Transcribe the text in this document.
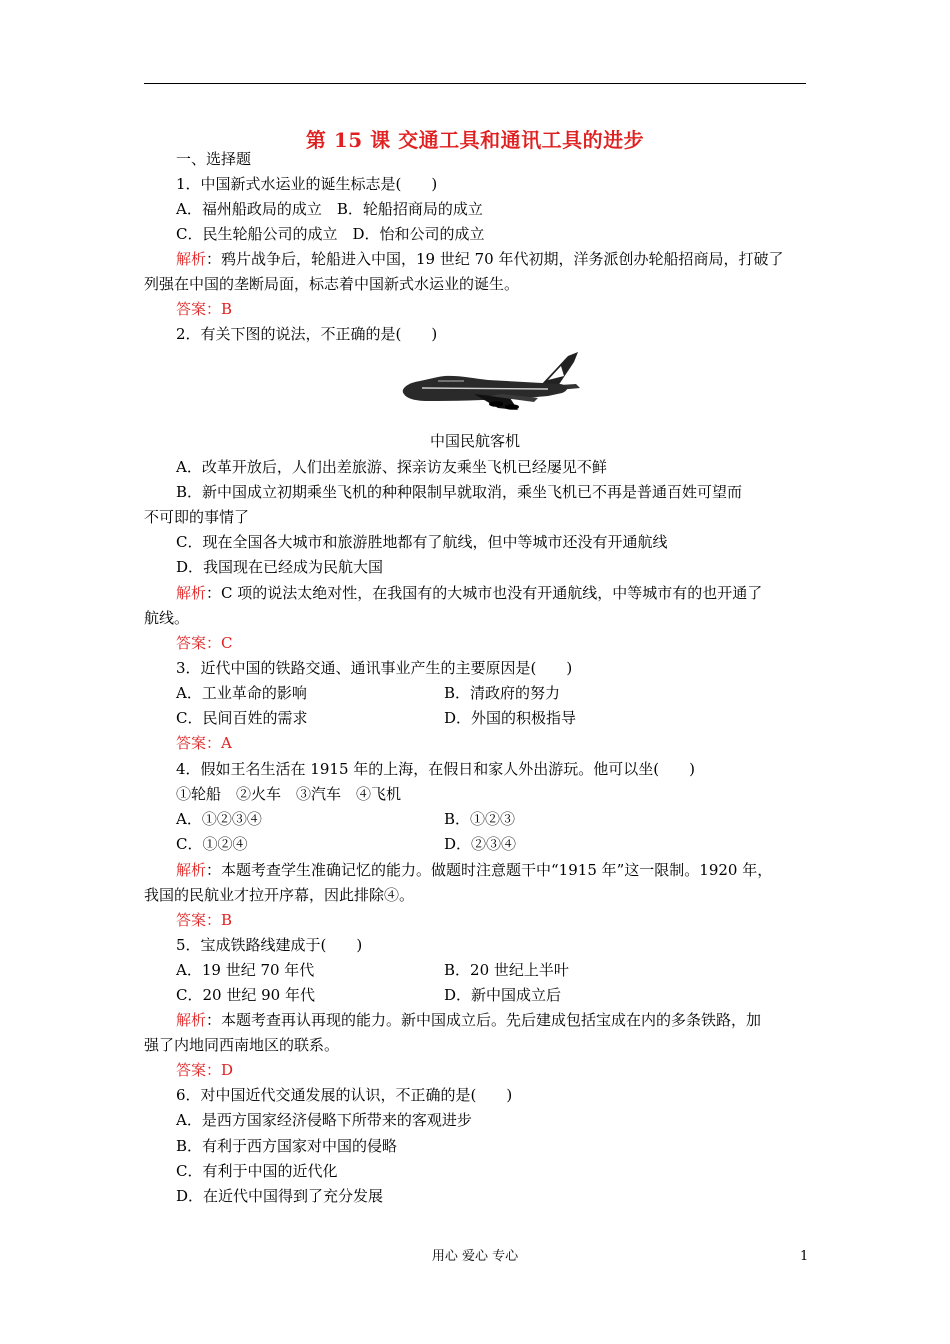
第 15 课 交通工具和通讯工具的进步
一、选择题
1．中国新式水运业的诞生标志是(　　)
A．福州船政局的成立　B．轮船招商局的成立
C．民生轮船公司的成立　D．怡和公司的成立
解析：鸦片战争后，轮船进入中国，19 世纪 70 年代初期，洋务派创办轮船招商局，打破了
列强在中国的垄断局面，标志着中国新式水运业的诞生。
答案：B
2．有关下图的说法，不正确的是(　　)
中国民航客机
A．改革开放后，人们出差旅游、探亲访友乘坐飞机已经屡见不鲜
B．新中国成立初期乘坐飞机的种种限制早就取消，乘坐飞机已不再是普通百姓可望而
不可即的事情了
C．现在全国各大城市和旅游胜地都有了航线，但中等城市还没有开通航线
D．我国现在已经成为民航大国
解析：C 项的说法太绝对性，在我国有的大城市也没有开通航线，中等城市有的也开通了
航线。
答案：C
3．近代中国的铁路交通、通讯事业产生的主要原因是(　　)
A．工业革命的影响	B．清政府的努力
C．民间百姓的需求	D．外国的积极指导
答案：A
4．假如王名生活在 1915 年的上海，在假日和家人外出游玩。他可以坐(　　)
①轮船　②火车　③汽车　④飞机
A．①②③④	B．①②③
C．①②④	D．②③④
解析：本题考查学生准确记忆的能力。做题时注意题干中“1915 年”这一限制。1920 年，
我国的民航业才拉开序幕，因此排除④。
答案：B
5．宝成铁路线建成于(　　)
A．19 世纪 70 年代	B．20 世纪上半叶
C．20 世纪 90 年代	D．新中国成立后
解析：本题考查再认再现的能力。新中国成立后。先后建成包括宝成在内的多条铁路，加
强了内地同西南地区的联系。
答案：D
6．对中国近代交通发展的认识，不正确的是(　　)
A．是西方国家经济侵略下所带来的客观进步
B．有利于西方国家对中国的侵略
C．有利于中国的近代化
D．在近代中国得到了充分发展
用心 爱心 专心	1
